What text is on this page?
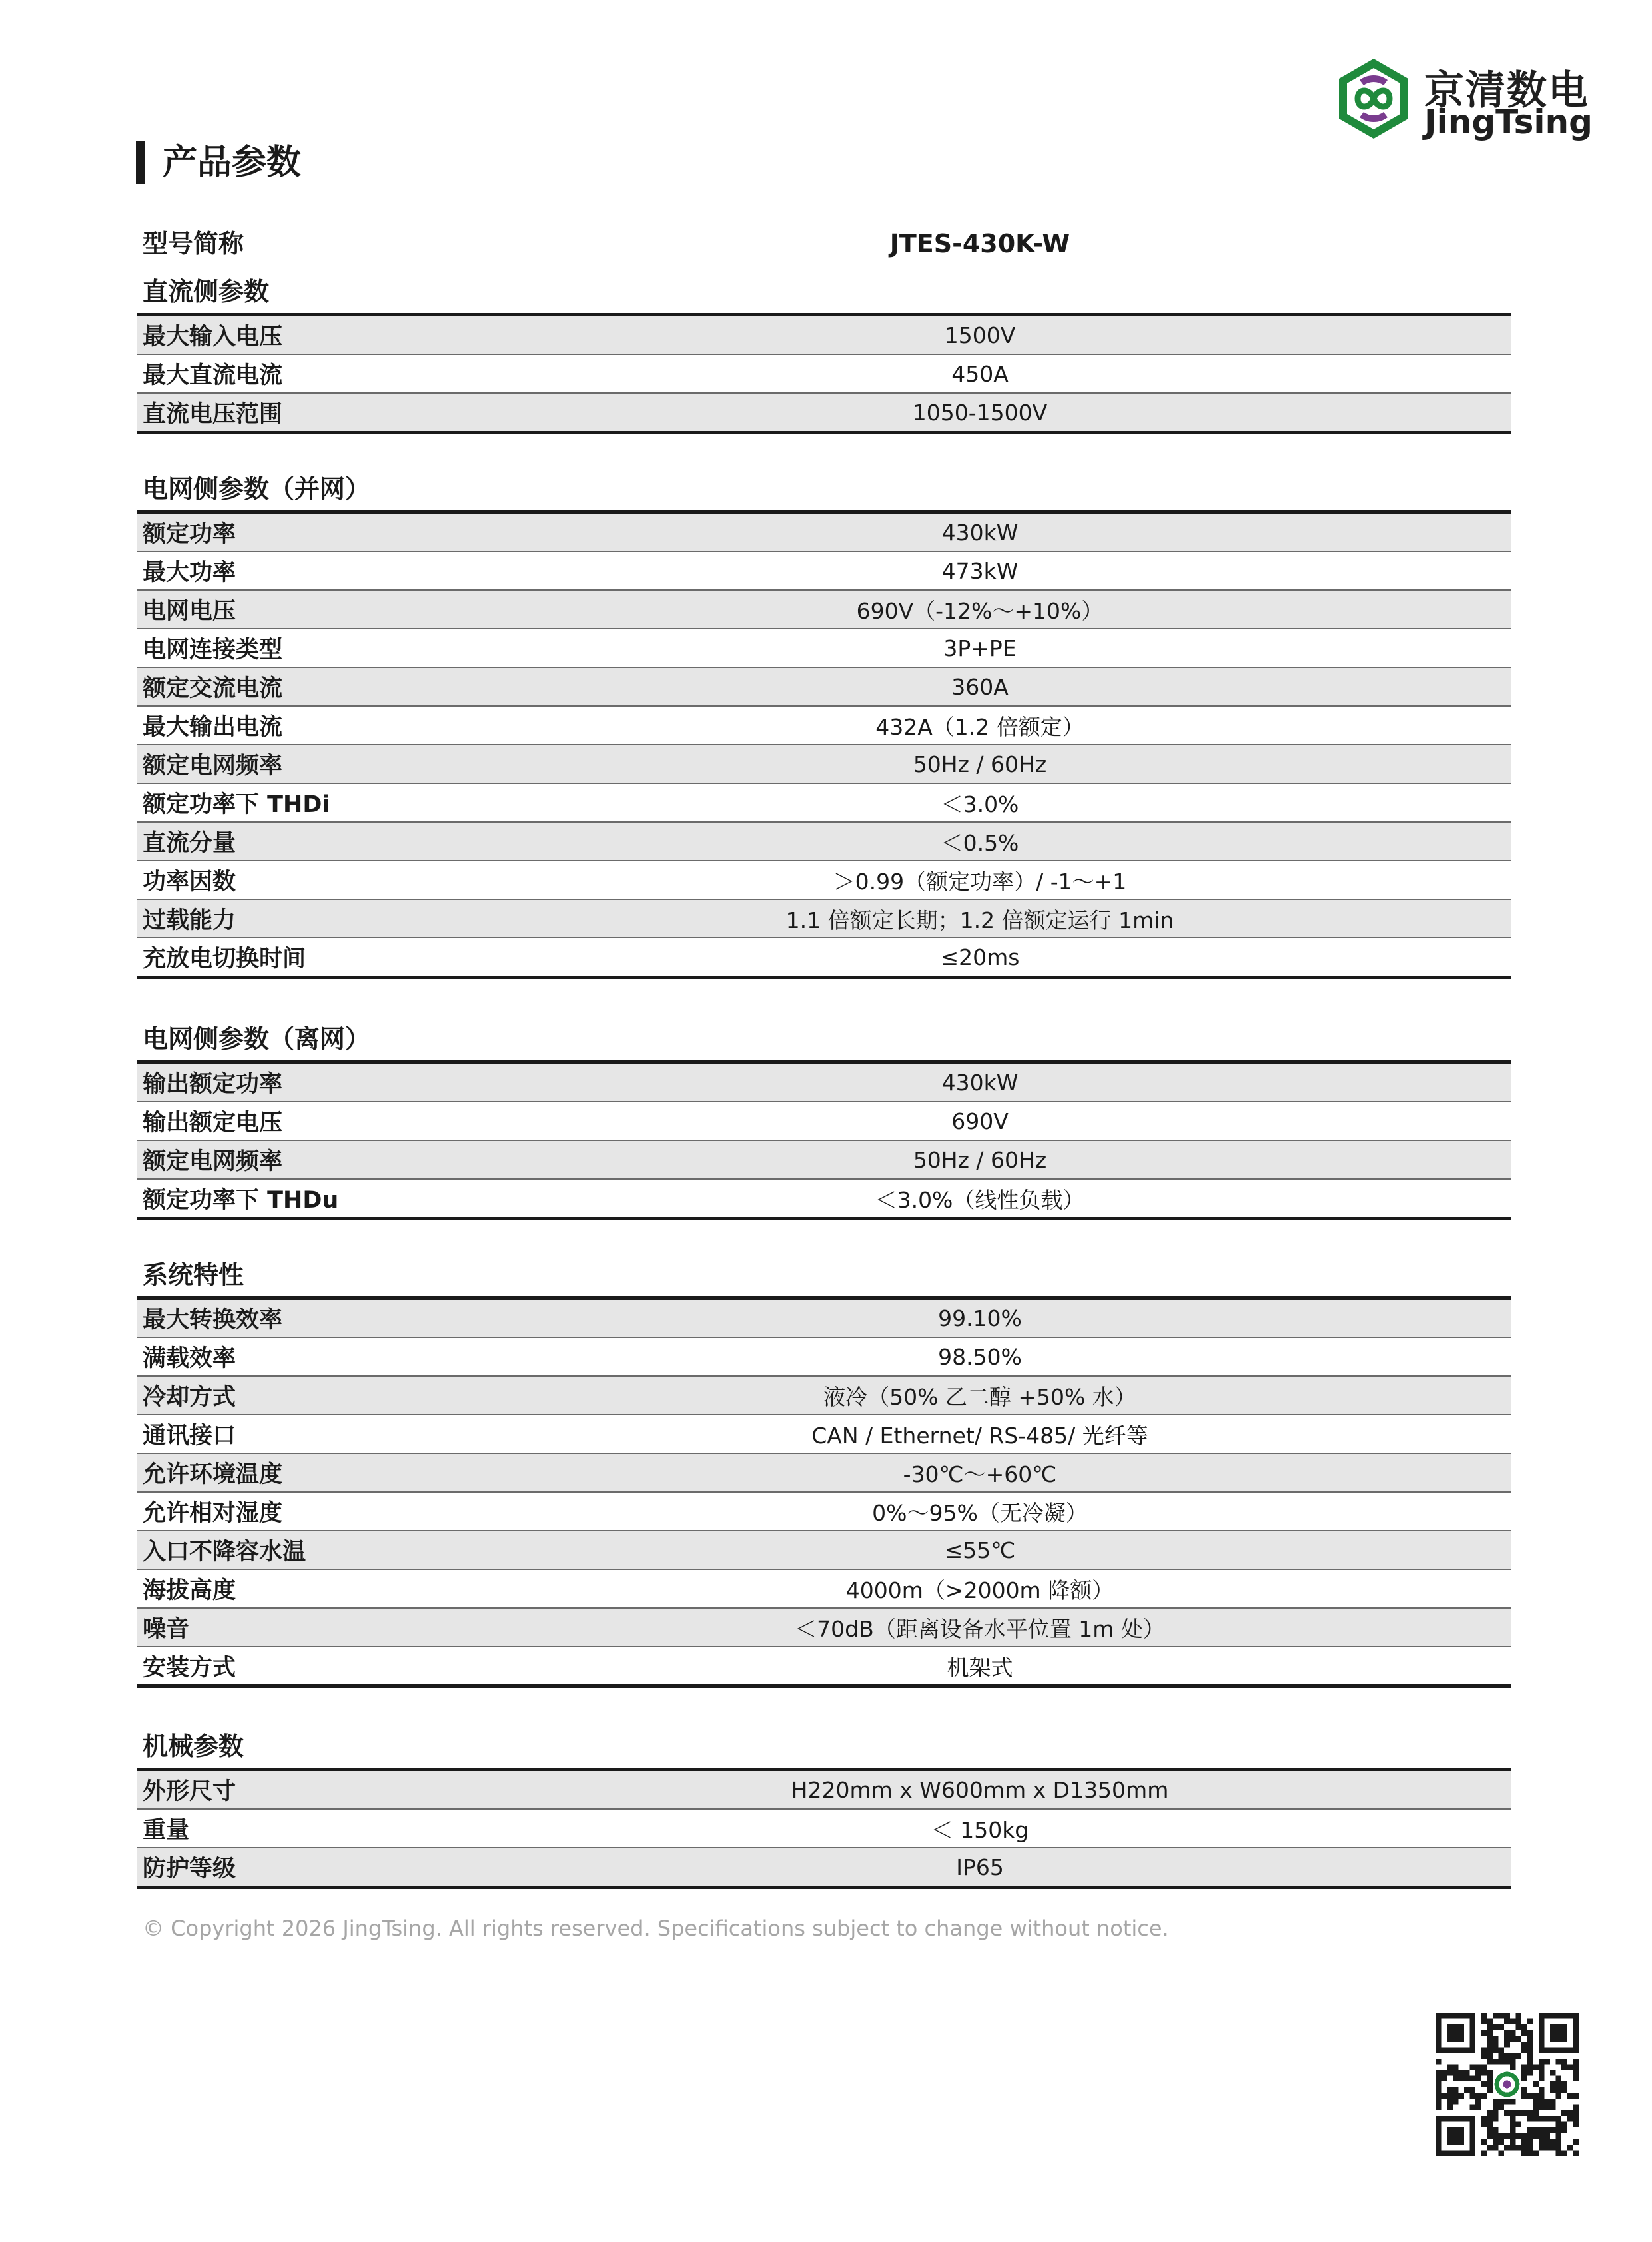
京清数电
JingTsing
产品参数
型号简称	JTES-430K-W
直流侧参数
最大输入电压	1500V
最大直流电流	450A
直流电压范围	1050-1500V
电网侧参数（并网）
额定功率	430kW
最大功率	473kW
电网电压	690V（-12%～+10%）
电网连接类型	3P+PE
额定交流电流	360A
最大输出电流	432A（1.2 倍额定）
额定电网频率	50Hz / 60Hz
额定功率下 THDi	＜3.0%
直流分量	＜0.5%
功率因数	＞0.99（额定功率）/ -1～+1
过载能力	1.1 倍额定长期；1.2 倍额定运行 1min
充放电切换时间	≤20ms
电网侧参数（离网）
输出额定功率	430kW
输出额定电压	690V
额定电网频率	50Hz / 60Hz
额定功率下 THDu	＜3.0%（线性负载）
系统特性
最大转换效率	99.10%
满载效率	98.50%
冷却方式	液冷（50% 乙二醇 +50% 水）
通讯接口	CAN / Ethernet/ RS-485/ 光纤等
允许环境温度	-30℃～+60℃
允许相对湿度	0%～95%（无冷凝）
入口不降容水温	≤55℃
海拔高度	4000m（>2000m 降额）
噪音	＜70dB（距离设备水平位置 1m 处）
安装方式	机架式
机械参数
外形尺寸	H220mm x W600mm x D1350mm
重量	＜ 150kg
防护等级	IP65
© Copyright 2026 JingTsing. All rights reserved. Specifications subject to change without notice.
